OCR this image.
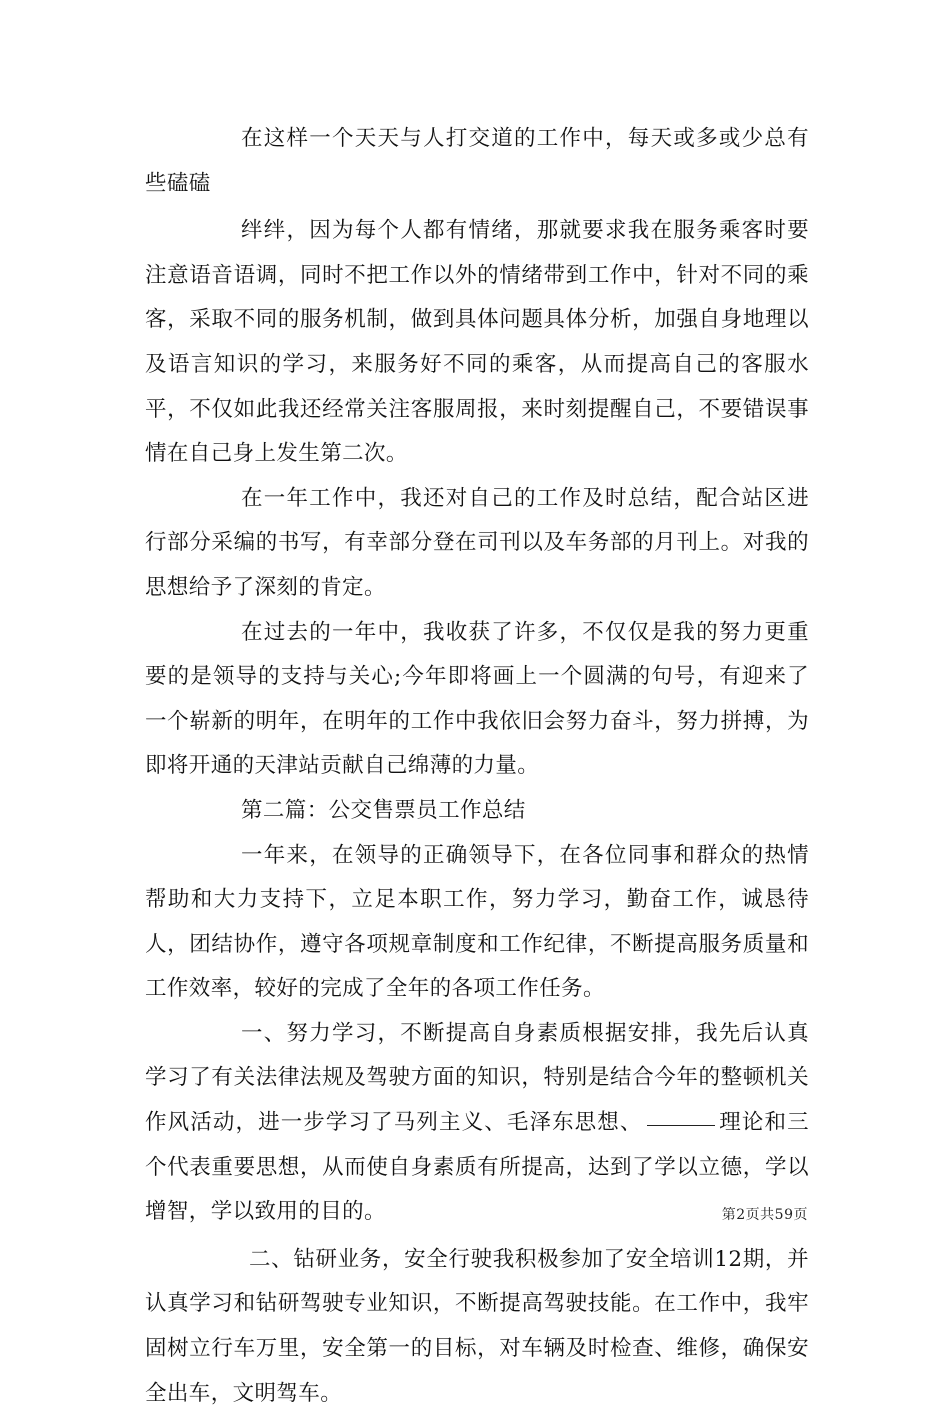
在这样一个天天与人打交道的工作中，每天或多或少总有些磕磕

绊绊，因为每个人都有情绪，那就要求我在服务乘客时要注意语音语调，同时不把工作以外的情绪带到工作中，针对不同的乘客，采取不同的服务机制，做到具体问题具体分析，加强自身地理以及语言知识的学习，来服务好不同的乘客，从而提高自己的客服水平，不仅如此我还经常关注客服周报，来时刻提醒自己，不要错误事情在自己身上发生第二次。

在一年工作中，我还对自己的工作及时总结，配合站区进行部分采编的书写，有幸部分登在司刊以及车务部的月刊上。对我的思想给予了深刻的肯定。

在过去的一年中，我收获了许多，不仅仅是我的努力更重要的是领导的支持与关心;今年即将画上一个圆满的句号，有迎来了一个崭新的明年，在明年的工作中我依旧会努力奋斗，努力拼搏，为即将开通的天津站贡献自己绵薄的力量。

第二篇：公交售票员工作总结

一年来，在领导的正确领导下，在各位同事和群众的热情帮助和大力支持下，立足本职工作，努力学习，勤奋工作，诚恳待人，团结协作，遵守各项规章制度和工作纪律，不断提高服务质量和工作效率，较好的完成了全年的各项工作任务。

一、努力学习，不断提高自身素质根据安排，我先后认真学习了有关法律法规及驾驶方面的知识，特别是结合今年的整顿机关作风活动，进一步学习了马列主义、毛泽东思想、	理论和三个代表重要思想，从而使自身素质有所提高，达到了学以立德，学以增智，学以致用的目的。

二、钻研业务，安全行驶我积极参加了安全培训12期，并认真学习和钻研驾驶专业知识，不断提高驾驶技能。在工作中，我牢固树立行车万里，安全第一的目标，对车辆及时检查、维修，确保安全出车，文明驾车。

第2页共59页
